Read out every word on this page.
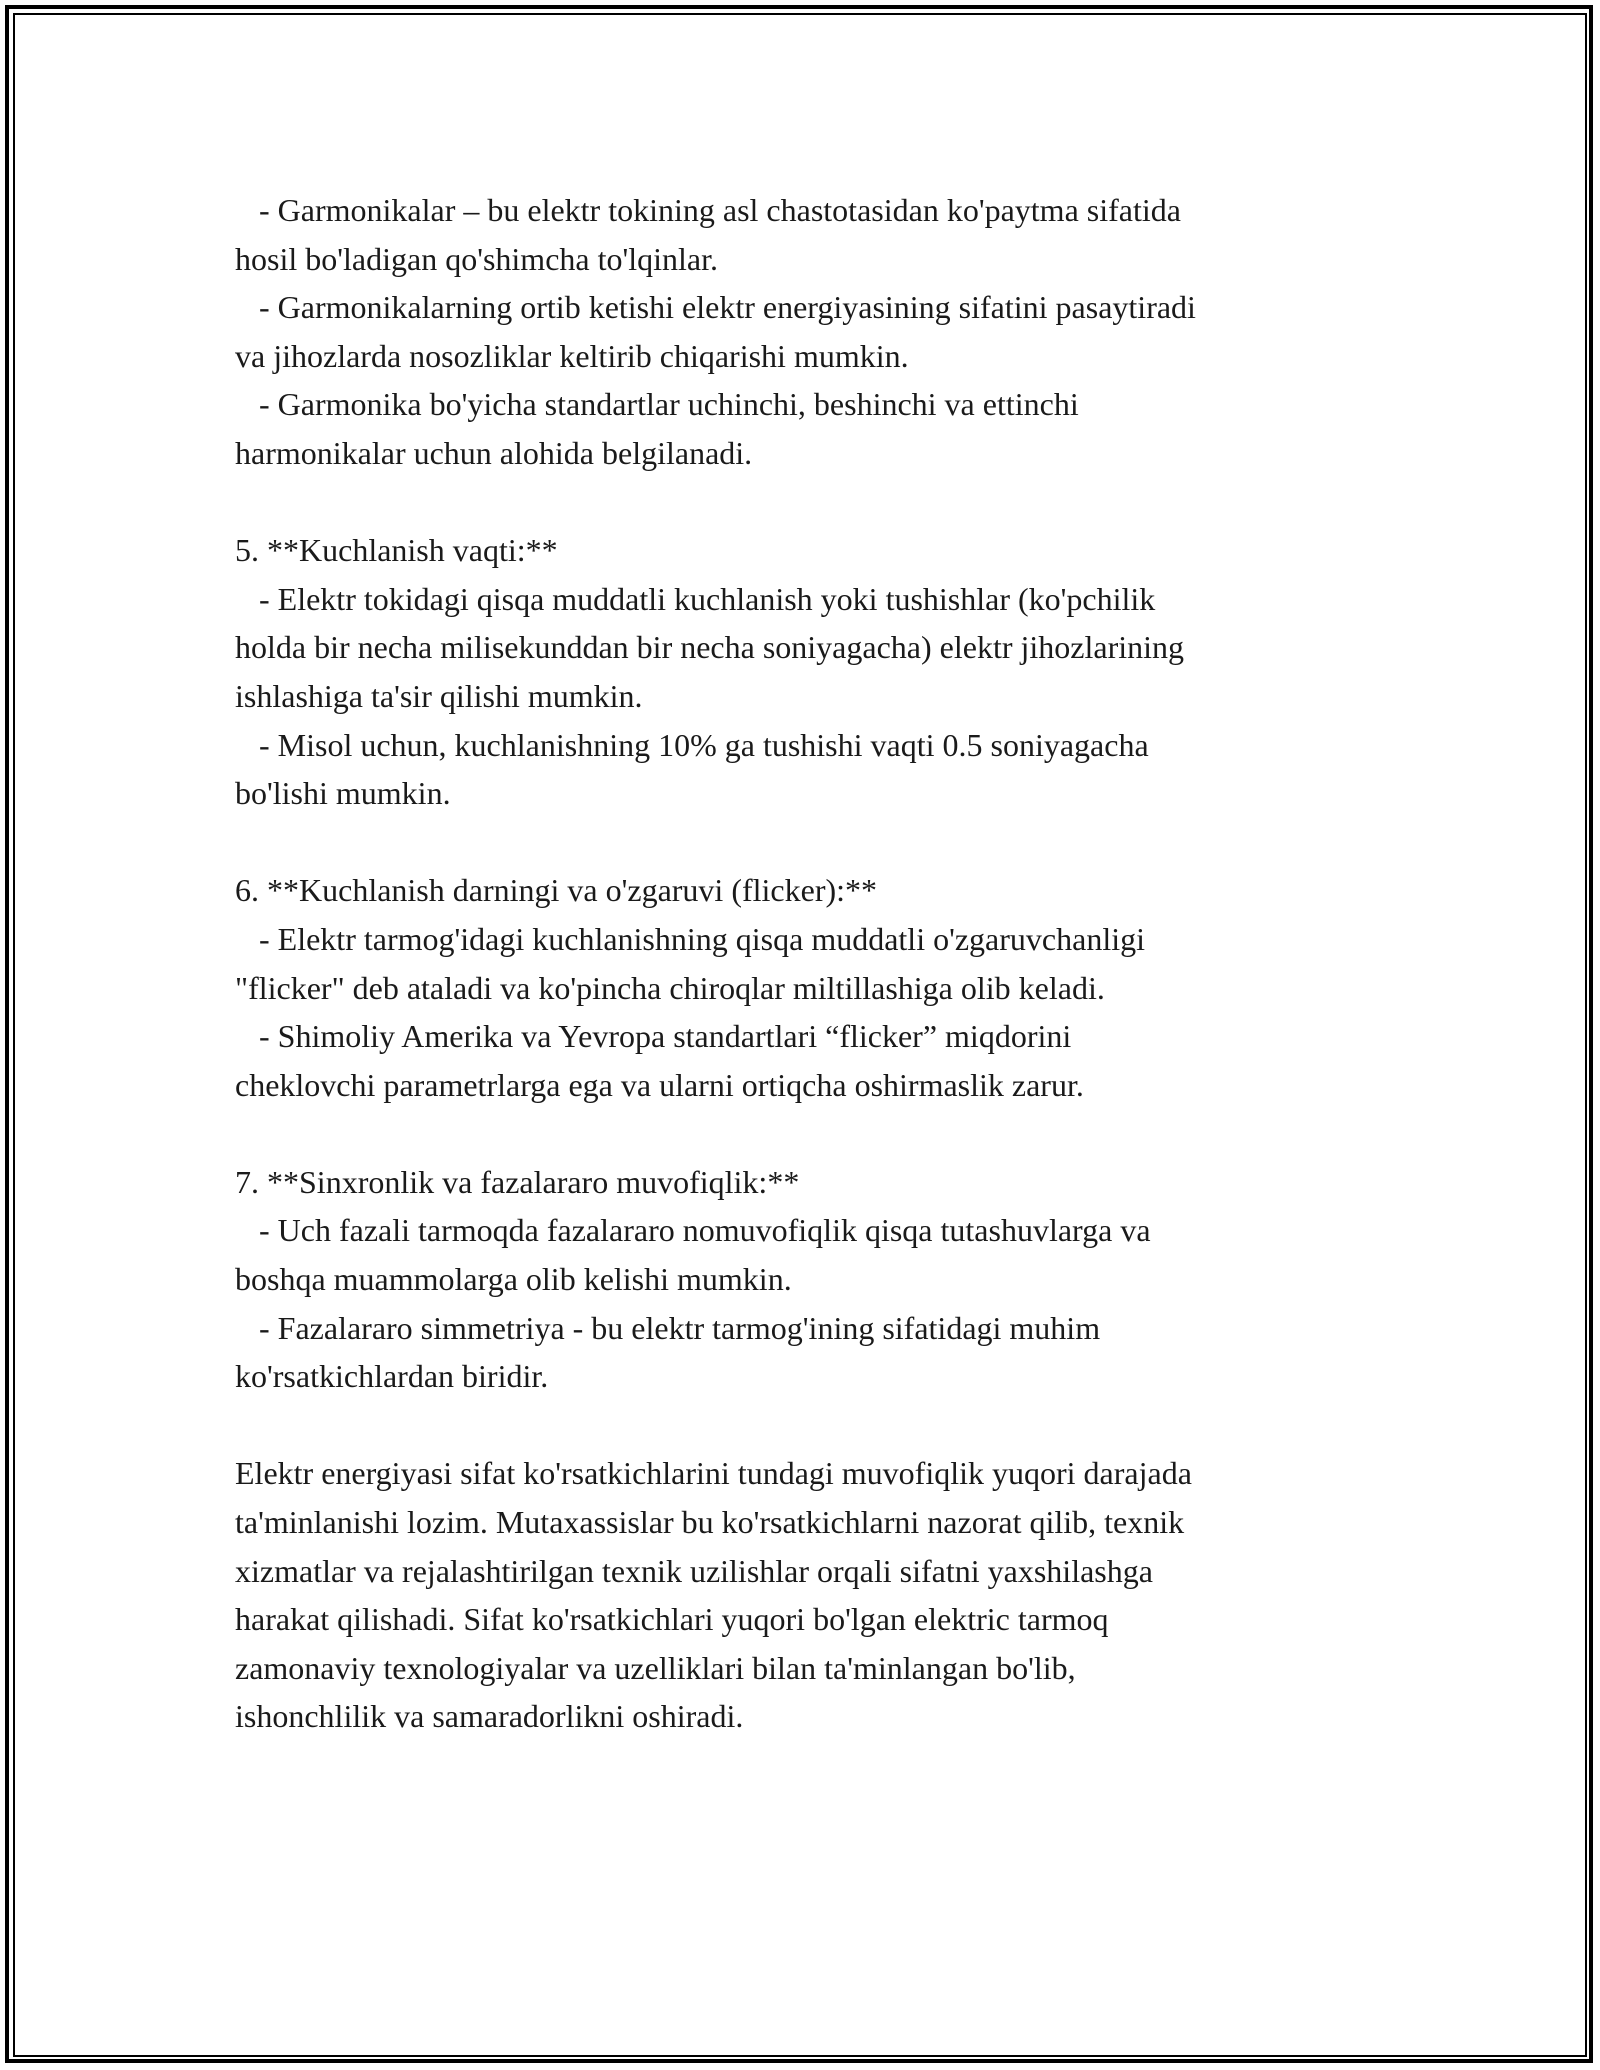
- Garmonikalar – bu elektr tokining asl chastotasidan ko'paytma sifatida
hosil bo'ladigan qo'shimcha to'lqinlar.
- Garmonikalarning ortib ketishi elektr energiyasining sifatini pasaytiradi
va jihozlarda nosozliklar keltirib chiqarishi mumkin.
- Garmonika bo'yicha standartlar uchinchi, beshinchi va ettinchi
harmonikalar uchun alohida belgilanadi.
5. **Kuchlanish vaqti:**
- Elektr tokidagi qisqa muddatli kuchlanish yoki tushishlar (ko'pchilik
holda bir necha milisekunddan bir necha soniyagacha) elektr jihozlarining
ishlashiga ta'sir qilishi mumkin.
- Misol uchun, kuchlanishning 10% ga tushishi vaqti 0.5 soniyagacha
bo'lishi mumkin.
6. **Kuchlanish darningi va o'zgaruvi (flicker):**
- Elektr tarmog'idagi kuchlanishning qisqa muddatli o'zgaruvchanligi
"flicker" deb ataladi va ko'pincha chiroqlar miltillashiga olib keladi.
- Shimoliy Amerika va Yevropa standartlari “flicker” miqdorini
cheklovchi parametrlarga ega va ularni ortiqcha oshirmaslik zarur.
7. **Sinxronlik va fazalararo muvofiqlik:**
- Uch fazali tarmoqda fazalararo nomuvofiqlik qisqa tutashuvlarga va
boshqa muammolarga olib kelishi mumkin.
- Fazalararo simmetriya - bu elektr tarmog'ining sifatidagi muhim
ko'rsatkichlardan biridir.
Elektr energiyasi sifat ko'rsatkichlarini tundagi muvofiqlik yuqori darajada
ta'minlanishi lozim. Mutaxassislar bu ko'rsatkichlarni nazorat qilib, texnik
xizmatlar va rejalashtirilgan texnik uzilishlar orqali sifatni yaxshilashga
harakat qilishadi. Sifat ko'rsatkichlari yuqori bo'lgan elektric tarmoq
zamonaviy texnologiyalar va uzelliklari bilan ta'minlangan bo'lib,
ishonchlilik va samaradorlikni oshiradi.
